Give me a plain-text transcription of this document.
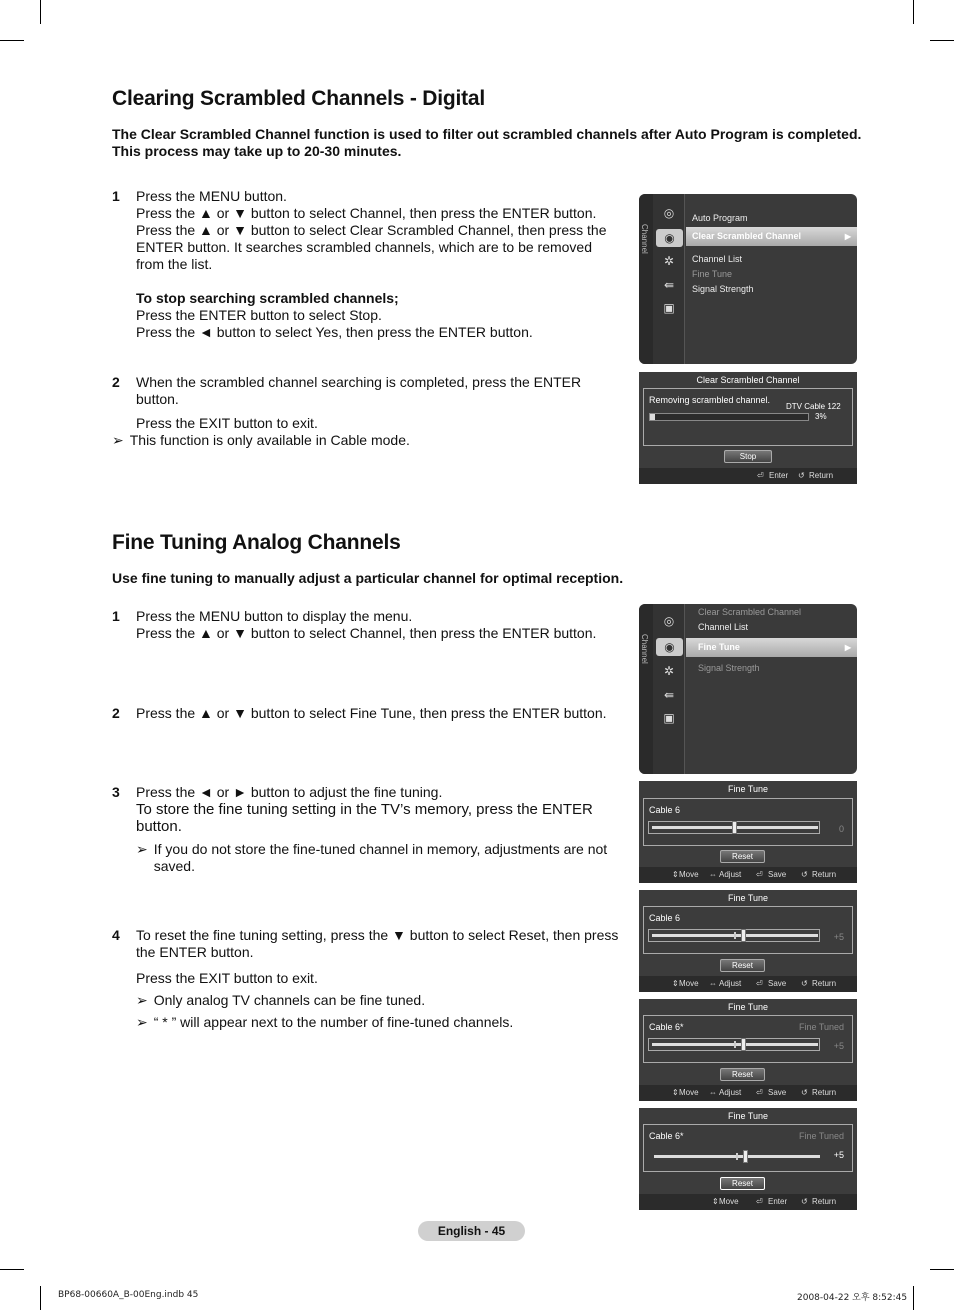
Clearing Scrambled Channels - Digital
The Clear Scrambled Channel function is used to filter out scrambled channels after Auto Program is completed. This process may take up to 20-30 minutes.
1 Press the MENU button.

Press the ▲ or ▼ button to select Channel, then press the ENTER button.

Press the ▲ or ▼ button to select Clear Scrambled Channel, then press the ENTER button. It searches scrambled channels, which are to be removed from the list.

To stop searching scrambled channels;

Press the ENTER button to select Stop.

Press the ◄ button to select Yes, then press the ENTER button.

2 When the scrambled channel searching is completed, press the ENTER button.

Press the EXIT button to exit.

➢ This function is only available in Cable mode.
Channel
◎
◉
✲
⇚
▣
Auto Program
Clear Scrambled Channel	▶
Channel List
Fine Tune
Signal Strength
Clear Scrambled Channel
Removing scrambled channel.
DTV Cable 122
3%
Stop
⏎ Enter ↺ Return
Fine Tuning Analog Channels
Use fine tuning to manually adjust a particular channel for optimal reception.
1 Press the MENU button to display the menu.

Press the ▲ or ▼ button to select Channel, then press the ENTER button.

2 Press the ▲ or ▼ button to select Fine Tune, then press the ENTER button.

3 Press the ◄ or ► button to adjust the fine tuning.

To store the fine tuning setting in the TV’s memory, press the ENTER button.

➢ If you do not store the fine-tuned channel in memory, adjustments are not saved.
4 To reset the fine tuning setting, press the ▼ button to select Reset, then press the ENTER button.

Press the EXIT button to exit.

➢ Only analog TV channels can be fine tuned.
➢ “ * ” will appear next to the number of fine-tuned channels.
Channel
◎
◉
✲
⇚
▣
Clear Scrambled Channel
Channel List
Fine Tune	▶
Signal Strength
Fine Tune
Cable 6
0
Reset
⇕ Move ⇔ Adjust ⏎ Save ↺ Return
Fine Tune
Cable 6
+5
Reset
⇕ Move ⇔ Adjust ⏎ Save ↺ Return
Fine Tune
Cable 6*	Fine Tuned
+5
Reset
⇕ Move ⇔ Adjust ⏎ Save ↺ Return
Fine Tune
Cable 6*	Fine Tuned
+5
Reset
⇕ Move ⏎ Enter ↺ Return
English - 45
BP68-00660A_B-00Eng.indb 45	2008-04-22 오후 8:52:45
